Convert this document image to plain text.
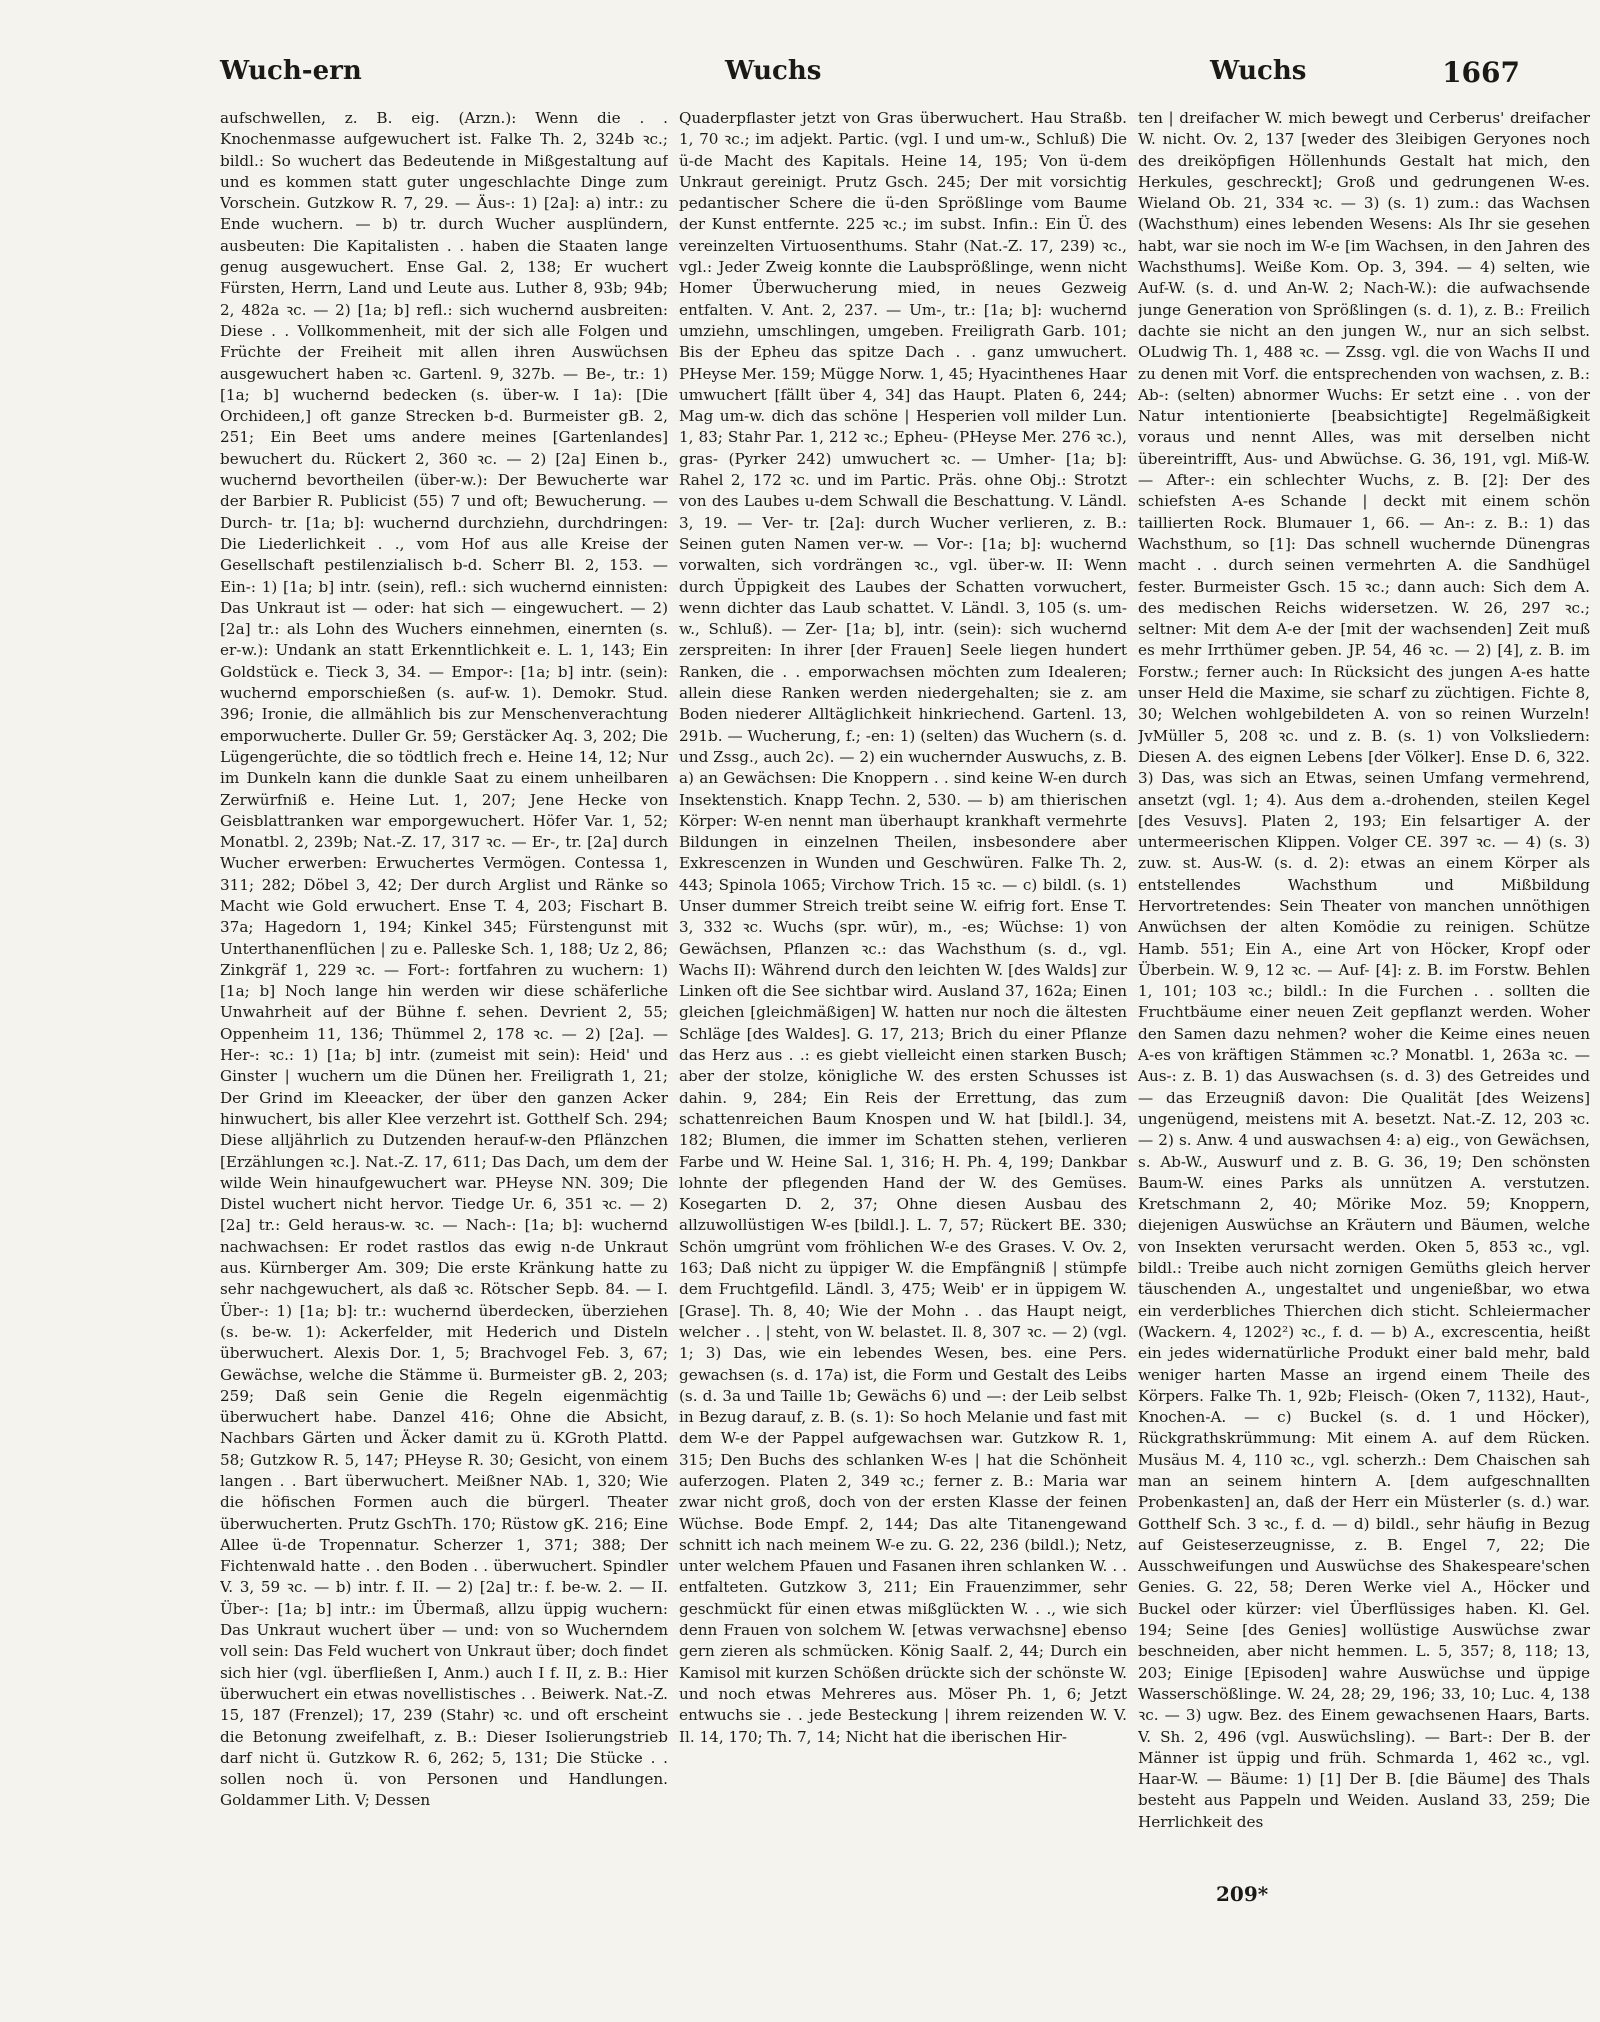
Wuch-ern	Wuchs	Wuchs	1667

aufschwellen, z. B. eig. (Arzn.): Wenn die . . Knochenmasse aufgewuchert ist. Falke Th. 2, 324b ꝛc.; bildl.: So wuchert das Bedeutende in Mißgestaltung auf und es kommen statt guter ungeschlachte Dinge zum Vorschein. Gutzkow R. 7, 29. — Äus-: 1) [2a]: a) intr.: zu Ende wuchern. — b) tr. durch Wucher ausplündern, ausbeuten: Die Kapitalisten . . haben die Staaten lange genug ausgewuchert. Ense Gal. 2, 138; Er wuchert Fürsten, Herrn, Land und Leute aus. Luther 8, 93b; 94b; 2, 482a ꝛc. — 2) [1a; b] refl.: sich wuchernd ausbreiten: Diese . . Vollkommenheit, mit der sich alle Folgen und Früchte der Freiheit mit allen ihren Auswüchsen ausgewuchert haben ꝛc. Gartenl. 9, 327b. — Be-, tr.: 1) [1a; b] wuchernd bedecken (s. über-w. I 1a): [Die Orchideen,] oft ganze Strecken b-d. Burmeister gB. 2, 251; Ein Beet ums andere meines [Gartenlandes] bewuchert du. Rückert 2, 360 ꝛc. — 2) [2a] Einen b., wuchernd bevortheilen (über-w.): Der Bewucherte war der Barbier R. Publicist (55) 7 und oft; Bewucherung. — Durch- tr. [1a; b]: wuchernd durchziehn, durchdringen: Die Liederlichkeit . ., vom Hof aus alle Kreise der Gesellschaft pestilenzialisch b-d. Scherr Bl. 2, 153. — Ein-: 1) [1a; b] intr. (sein), refl.: sich wuchernd einnisten: Das Unkraut ist — oder: hat sich — eingewuchert. — 2) [2a] tr.: als Lohn des Wuchers einnehmen, einernten (s. er-w.): Undank an statt Erkenntlichkeit e. L. 1, 143; Ein Goldstück e. Tieck 3, 34. — Empor-: [1a; b] intr. (sein): wuchernd emporschießen (s. auf-w. 1). Demokr. Stud. 396; Ironie, die allmählich bis zur Menschenverachtung emporwucherte. Duller Gr. 59; Gerstäcker Aq. 3, 202; Die Lügengerüchte, die so tödtlich frech e. Heine 14, 12; Nur im Dunkeln kann die dunkle Saat zu einem unheilbaren Zerwürfniß e. Heine Lut. 1, 207; Jene Hecke von Geisblattranken war emporgewuchert. Höfer Var. 1, 52; Monatbl. 2, 239b; Nat.-Z. 17, 317 ꝛc. — Er-, tr. [2a] durch Wucher erwerben: Erwuchertes Vermögen. Contessa 1, 311; 282; Döbel 3, 42; Der durch Arglist und Ränke so Macht wie Gold erwuchert. Ense T. 4, 203; Fischart B. 37a; Hagedorn 1, 194; Kinkel 345; Fürstengunst mit Unterthanenflüchen | zu e. Palleske Sch. 1, 188; Uz 2, 86; Zinkgräf 1, 229 ꝛc. — Fort-: fortfahren zu wuchern: 1) [1a; b] Noch lange hin werden wir diese schäferliche Unwahrheit auf der Bühne f. sehen. Devrient 2, 55; Oppenheim 11, 136; Thümmel 2, 178 ꝛc. — 2) [2a]. — Her-: ꝛc.: 1) [1a; b] intr. (zumeist mit sein): Heid' und Ginster | wuchern um die Dünen her. Freiligrath 1, 21; Der Grind im Kleeacker, der über den ganzen Acker hinwuchert, bis aller Klee verzehrt ist. Gotthelf Sch. 294; Diese alljährlich zu Dutzenden herauf-w-den Pflänzchen [Erzählungen ꝛc.]. Nat.-Z. 17, 611; Das Dach, um dem der wilde Wein hinaufgewuchert war. PHeyse NN. 309; Die Distel wuchert nicht hervor. Tiedge Ur. 6, 351 ꝛc. — 2) [2a] tr.: Geld heraus-w. ꝛc. — Nach-: [1a; b]: wuchernd nachwachsen: Er rodet rastlos das ewig n-de Unkraut aus. Kürnberger Am. 309; Die erste Kränkung hatte zu sehr nachgewuchert, als daß ꝛc. Rötscher Sepb. 84. — I. Über-: 1) [1a; b]: tr.: wuchernd überdecken, überziehen (s. be-w. 1): Ackerfelder, mit Hederich und Disteln überwuchert. Alexis Dor. 1, 5; Brachvogel Feb. 3, 67; Gewächse, welche die Stämme ü. Burmeister gB. 2, 203; 259; Daß sein Genie die Regeln eigenmächtig überwuchert habe. Danzel 416; Ohne die Absicht, Nachbars Gärten und Äcker damit zu ü. KGroth Plattd. 58; Gutzkow R. 5, 147; PHeyse R. 30; Gesicht, von einem langen . . Bart überwuchert. Meißner NAb. 1, 320; Wie die höfischen Formen auch die bürgerl. Theater überwucherten. Prutz GschTh. 170; Rüstow gK. 216; Eine Allee ü-de Tropennatur. Scherzer 1, 371; 388; Der Fichtenwald hatte . . den Boden . . überwuchert. Spindler V. 3, 59 ꝛc. — b) intr. f. II. — 2) [2a] tr.: f. be-w. 2. — II. Über-: [1a; b] intr.: im Übermaß, allzu üppig wuchern: Das Unkraut wuchert über — und: von so Wucherndem voll sein: Das Feld wuchert von Unkraut über; doch findet sich hier (vgl. überfließen I, Anm.) auch I f. II, z. B.: Hier überwuchert ein etwas novellistisches . . Beiwerk. Nat.-Z. 15, 187 (Frenzel); 17, 239 (Stahr) ꝛc. und oft erscheint die Betonung zweifelhaft, z. B.: Dieser Isolierungstrieb darf nicht ü. Gutzkow R. 6, 262; 5, 131; Die Stücke . . sollen noch ü. von Personen und Handlungen. Goldammer Lith. V; Dessen

Quaderpflaster jetzt von Gras überwuchert. Hau Straßb. 1, 70 ꝛc.; im adjekt. Partic. (vgl. I und um-w., Schluß) Die ü-de Macht des Kapitals. Heine 14, 195; Von ü-dem Unkraut gereinigt. Prutz Gsch. 245; Der mit vorsichtig pedantischer Schere die ü-den Sprößlinge vom Baume der Kunst entfernte. 225 ꝛc.; im subst. Infin.: Ein Ü. des vereinzelten Virtuosenthums. Stahr (Nat.-Z. 17, 239) ꝛc., vgl.: Jeder Zweig konnte die Laubsprößlinge, wenn nicht Homer Überwucherung mied, in neues Gezweig entfalten. V. Ant. 2, 237. — Um-, tr.: [1a; b]: wuchernd umziehn, umschlingen, umgeben. Freiligrath Garb. 101; Bis der Epheu das spitze Dach . . ganz umwuchert. PHeyse Mer. 159; Mügge Norw. 1, 45; Hyacinthenes Haar umwuchert [fällt über 4, 34] das Haupt. Platen 6, 244; Mag um-w. dich das schöne | Hesperien voll milder Lun. 1, 83; Stahr Par. 1, 212 ꝛc.; Epheu- (PHeyse Mer. 276 ꝛc.), gras- (Pyrker 242) umwuchert ꝛc. — Umher- [1a; b]: Rahel 2, 172 ꝛc. und im Partic. Präs. ohne Obj.: Strotzt von des Laubes u-dem Schwall die Beschattung. V. Ländl. 3, 19. — Ver- tr. [2a]: durch Wucher verlieren, z. B.: Seinen guten Namen ver-w. — Vor-: [1a; b]: wuchernd vorwalten, sich vordrängen ꝛc., vgl. über-w. II: Wenn durch Üppigkeit des Laubes der Schatten vorwuchert, wenn dichter das Laub schattet. V. Ländl. 3, 105 (s. um-w., Schluß). — Zer- [1a; b], intr. (sein): sich wuchernd zerspreiten: In ihrer [der Frauen] Seele liegen hundert Ranken, die . . emporwachsen möchten zum Idealeren; allein diese Ranken werden niedergehalten; sie z. am Boden niederer Alltäglichkeit hinkriechend. Gartenl. 13, 291b. — Wucherung, f.; -en: 1) (selten) das Wuchern (s. d. und Zssg., auch 2c). — 2) ein wuchernder Auswuchs, z. B. a) an Gewächsen: Die Knoppern . . sind keine W-en durch Insektenstich. Knapp Techn. 2, 530. — b) am thierischen Körper: W-en nennt man überhaupt krankhaft vermehrte Bildungen in einzelnen Theilen, insbesondere aber Exkrescenzen in Wunden und Geschwüren. Falke Th. 2, 443; Spinola 1065; Virchow Trich. 15 ꝛc. — c) bildl. (s. 1) Unser dummer Streich treibt seine W. eifrig fort. Ense T. 3, 332 ꝛc. Wuchs (spr. wūr), m., -es; Wüchse: 1) von Gewächsen, Pflanzen ꝛc.: das Wachsthum (s. d., vgl. Wachs II): Während durch den leichten W. [des Walds] zur Linken oft die See sichtbar wird. Ausland 37, 162a; Einen gleichen [gleichmäßigen] W. hatten nur noch die ältesten Schläge [des Waldes]. G. 17, 213; Brich du einer Pflanze das Herz aus . .: es giebt vielleicht einen starken Busch; aber der stolze, königliche W. des ersten Schusses ist dahin. 9, 284; Ein Reis der Errettung, das zum schattenreichen Baum Knospen und W. hat [bildl.]. 34, 182; Blumen, die immer im Schatten stehen, verlieren Farbe und W. Heine Sal. 1, 316; H. Ph. 4, 199; Dankbar lohnte der pflegenden Hand der W. des Gemüses. Kosegarten D. 2, 37; Ohne diesen Ausbau des allzuwollüstigen W-es [bildl.]. L. 7, 57; Rückert BE. 330; Schön umgrünt vom fröhlichen W-e des Grases. V. Ov. 2, 163; Daß nicht zu üppiger W. die Empfängniß | stümpfe dem Fruchtgefild. Ländl. 3, 475; Weib' er in üppigem W. [Grase]. Th. 8, 40; Wie der Mohn . . das Haupt neigt, welcher . . | steht, von W. belastet. Il. 8, 307 ꝛc. — 2) (vgl. 1; 3) Das, wie ein lebendes Wesen, bes. eine Pers. gewachsen (s. d. 17a) ist, die Form und Gestalt des Leibs (s. d. 3a und Taille 1b; Gewächs 6) und —: der Leib selbst in Bezug darauf, z. B. (s. 1): So hoch Melanie und fast mit dem W-e der Pappel aufgewachsen war. Gutzkow R. 1, 315; Den Buchs des schlanken W-es | hat die Schönheit auferzogen. Platen 2, 349 ꝛc.; ferner z. B.: Maria war zwar nicht groß, doch von der ersten Klasse der feinen Wüchse. Bode Empf. 2, 144; Das alte Titanengewand schnitt ich nach meinem W-e zu. G. 22, 236 (bildl.); Netz, unter welchem Pfauen und Fasanen ihren schlanken W. . . entfalteten. Gutzkow 3, 211; Ein Frauenzimmer, sehr geschmückt für einen etwas mißglückten W. . ., wie sich denn Frauen von solchem W. [etwas verwachsne] ebenso gern zieren als schmücken. König Saalf. 2, 44; Durch ein Kamisol mit kurzen Schößen drückte sich der schönste W. und noch etwas Mehreres aus. Möser Ph. 1, 6; Jetzt entwuchs sie . . jede Besteckung | ihrem reizenden W. V. Il. 14, 170; Th. 7, 14; Nicht hat die iberischen Hir-

ten | dreifacher W. mich bewegt und Cerberus' dreifacher W. nicht. Ov. 2, 137 [weder des 3leibigen Geryones noch des dreiköpfigen Höllenhunds Gestalt hat mich, den Herkules, geschreckt]; Groß und gedrungenen W-es. Wieland Ob. 21, 334 ꝛc. — 3) (s. 1) zum.: das Wachsen (Wachsthum) eines lebenden Wesens: Als Ihr sie gesehen habt, war sie noch im W-e [im Wachsen, in den Jahren des Wachsthums]. Weiße Kom. Op. 3, 394. — 4) selten, wie Auf-W. (s. d. und An-W. 2; Nach-W.): die aufwachsende junge Generation von Sprößlingen (s. d. 1), z. B.: Freilich dachte sie nicht an den jungen W., nur an sich selbst. OLudwig Th. 1, 488 ꝛc. — Zssg. vgl. die von Wachs II und zu denen mit Vorf. die entsprechenden von wachsen, z. B.: Ab-: (selten) abnormer Wuchs: Er setzt eine . . von der Natur intentionierte [beabsichtigte] Regelmäßigkeit voraus und nennt Alles, was mit derselben nicht übereintrifft, Aus- und Abwüchse. G. 36, 191, vgl. Miß-W. — After-: ein schlechter Wuchs, z. B. [2]: Der des schiefsten A-es Schande | deckt mit einem schön taillierten Rock. Blumauer 1, 66. — An-: z. B.: 1) das Wachsthum, so [1]: Das schnell wuchernde Dünengras macht . . durch seinen vermehrten A. die Sandhügel fester. Burmeister Gsch. 15 ꝛc.; dann auch: Sich dem A. des medischen Reichs widersetzen. W. 26, 297 ꝛc.; seltner: Mit dem A-e der [mit der wachsenden] Zeit muß es mehr Irrthümer geben. JP. 54, 46 ꝛc. — 2) [4], z. B. im Forstw.; ferner auch: In Rücksicht des jungen A-es hatte unser Held die Maxime, sie scharf zu züchtigen. Fichte 8, 30; Welchen wohlgebildeten A. von so reinen Wurzeln! JvMüller 5, 208 ꝛc. und z. B. (s. 1) von Volksliedern: Diesen A. des eignen Lebens [der Völker]. Ense D. 6, 322. 3) Das, was sich an Etwas, seinen Umfang vermehrend, ansetzt (vgl. 1; 4). Aus dem a.-drohenden, steilen Kegel [des Vesuvs]. Platen 2, 193; Ein felsartiger A. der untermeerischen Klippen. Volger CE. 397 ꝛc. — 4) (s. 3) zuw. st. Aus-W. (s. d. 2): etwas an einem Körper als entstellendes Wachsthum und Mißbildung Hervortretendes: Sein Theater von manchen unnöthigen Anwüchsen der alten Komödie zu reinigen. Schütze Hamb. 551; Ein A., eine Art von Höcker, Kropf oder Überbein. W. 9, 12 ꝛc. — Auf- [4]: z. B. im Forstw. Behlen 1, 101; 103 ꝛc.; bildl.: In die Furchen . . sollten die Fruchtbäume einer neuen Zeit gepflanzt werden. Woher den Samen dazu nehmen? woher die Keime eines neuen A-es von kräftigen Stämmen ꝛc.? Monatbl. 1, 263a ꝛc. — Aus-: z. B. 1) das Auswachsen (s. d. 3) des Getreides und — das Erzeugniß davon: Die Qualität [des Weizens] ungenügend, meistens mit A. besetzt. Nat.-Z. 12, 203 ꝛc. — 2) s. Anw. 4 und auswachsen 4: a) eig., von Gewächsen, s. Ab-W., Auswurf und z. B. G. 36, 19; Den schönsten Baum-W. eines Parks als unnützen A. verstutzen. Kretschmann 2, 40; Mörike Moz. 59; Knoppern, diejenigen Auswüchse an Kräutern und Bäumen, welche von Insekten verursacht werden. Oken 5, 853 ꝛc., vgl. bildl.: Treibe auch nicht zornigen Gemüths gleich herver täuschenden A., ungestaltet und ungenießbar, wo etwa ein verderbliches Thierchen dich sticht. Schleiermacher (Wackern. 4, 1202²) ꝛc., f. d. — b) A., excrescentia, heißt ein jedes widernatürliche Produkt einer bald mehr, bald weniger harten Masse an irgend einem Theile des Körpers. Falke Th. 1, 92b; Fleisch- (Oken 7, 1132), Haut-, Knochen-A. — c) Buckel (s. d. 1 und Höcker), Rückgrathskrümmung: Mit einem A. auf dem Rücken. Musäus M. 4, 110 ꝛc., vgl. scherzh.: Dem Chaischen sah man an seinem hintern A. [dem aufgeschnallten Probenkasten] an, daß der Herr ein Müsterler (s. d.) war. Gotthelf Sch. 3 ꝛc., f. d. — d) bildl., sehr häufig in Bezug auf Geisteserzeugnisse, z. B. Engel 7, 22; Die Ausschweifungen und Auswüchse des Shakespeare'schen Genies. G. 22, 58; Deren Werke viel A., Höcker und Buckel oder kürzer: viel Überflüssiges haben. Kl. Gel. 194; Seine [des Genies] wollüstige Auswüchse zwar beschneiden, aber nicht hemmen. L. 5, 357; 8, 118; 13, 203; Einige [Episoden] wahre Auswüchse und üppige Wasserschößlinge. W. 24, 28; 29, 196; 33, 10; Luc. 4, 138 ꝛc. — 3) ugw. Bez. des Einem gewachsenen Haars, Barts. V. Sh. 2, 496 (vgl. Auswüchsling). — Bart-: Der B. der Männer ist üppig und früh. Schmarda 1, 462 ꝛc., vgl. Haar-W. — Bäume: 1) [1] Der B. [die Bäume] des Thals besteht aus Pappeln und Weiden. Ausland 33, 259; Die Herrlichkeit des

209*
